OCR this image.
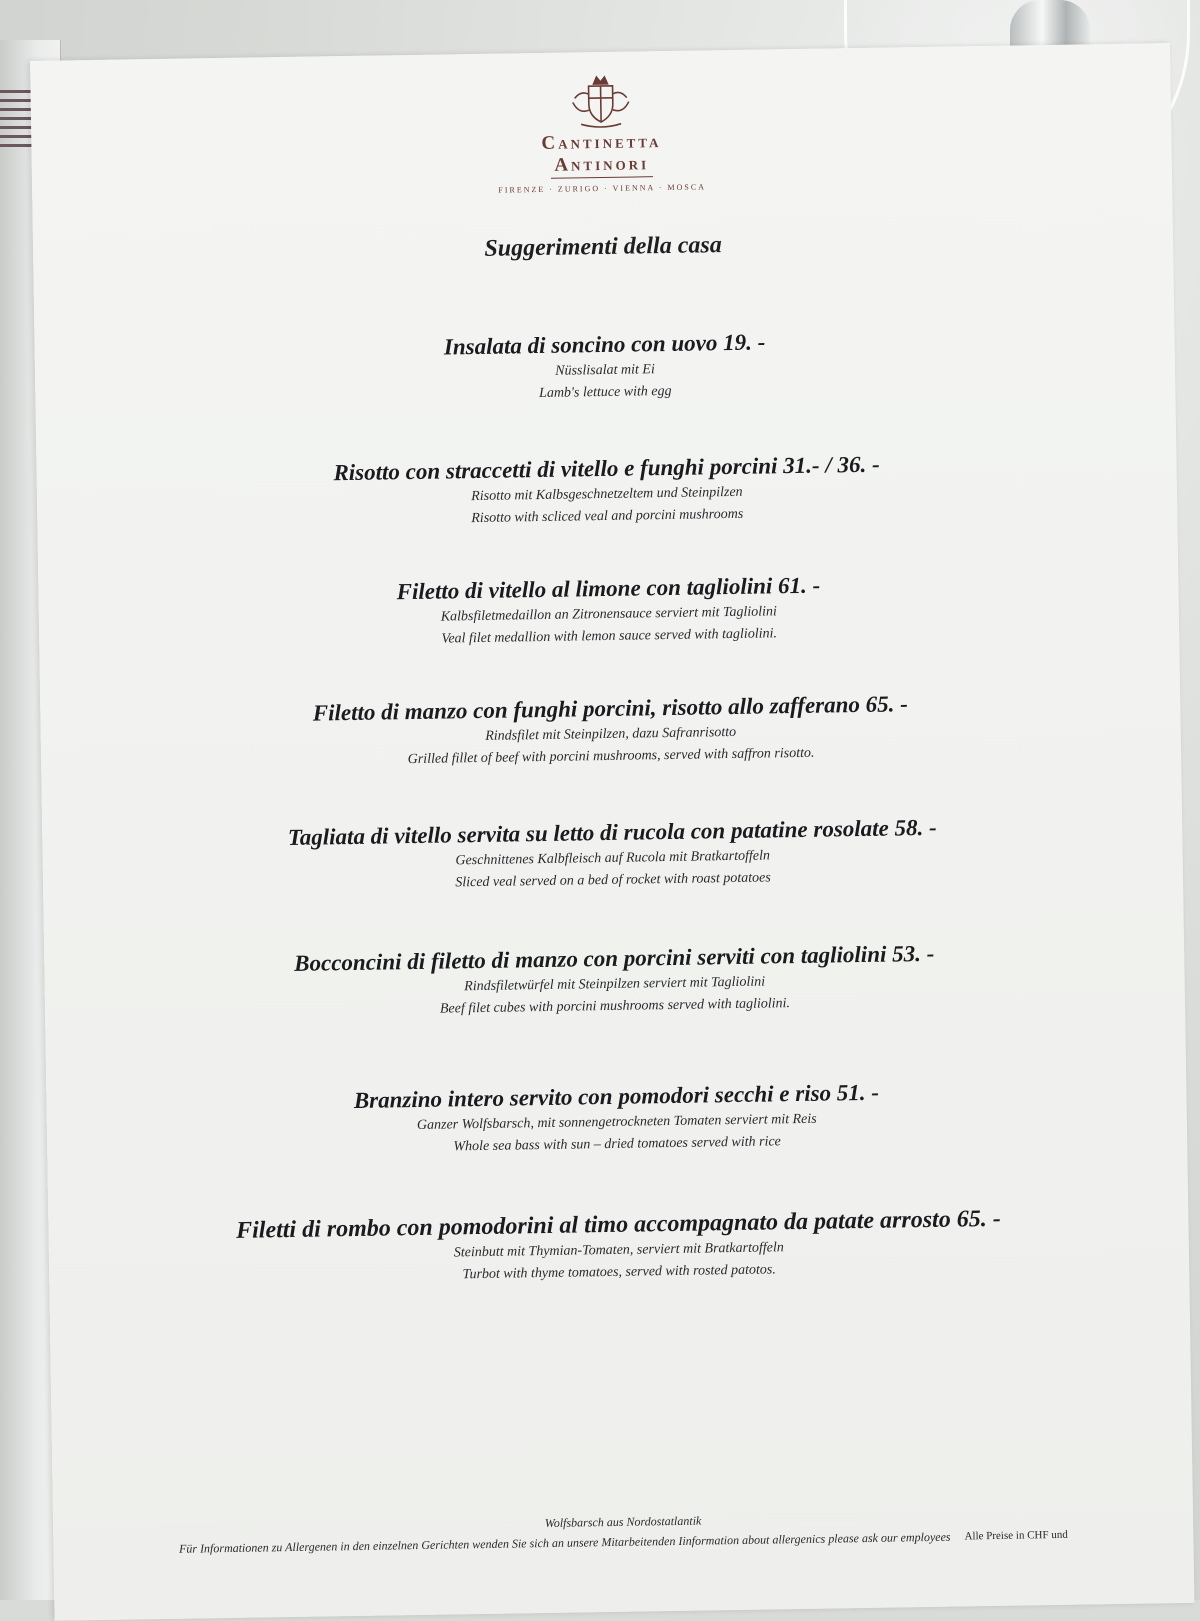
Cantinetta
Antinori
FIRENZE · ZURIGO · VIENNA · MOSCA
Suggerimenti della casa
Insalata di soncino con uovo 19. -
Nüsslisalat mit Ei
Lamb's lettuce with egg
Risotto con straccetti di vitello e funghi porcini 31.- / 36. -
Risotto mit Kalbsgeschnetzeltem und Steinpilzen
Risotto with scliced veal and porcini mushrooms
Filetto di vitello al limone con tagliolini 61. -
Kalbsfiletmedaillon an Zitronensauce serviert mit Tagliolini
Veal filet medallion with lemon sauce served with tagliolini.
Filetto di manzo con funghi porcini, risotto allo zafferano 65. -
Rindsfilet mit Steinpilzen, dazu Safranrisotto
Grilled fillet of beef with porcini mushrooms, served with saffron risotto.
Tagliata di vitello servita su letto di rucola con patatine rosolate 58. -
Geschnittenes Kalbfleisch auf Rucola mit Bratkartoffeln
Sliced veal served on a bed of rocket with roast potatoes
Bocconcini di filetto di manzo con porcini serviti con tagliolini 53. -
Rindsfiletwürfel mit Steinpilzen serviert mit Tagliolini
Beef filet cubes with porcini mushrooms served with tagliolini.
Branzino intero servito con pomodori secchi e riso 51. -
Ganzer Wolfsbarsch, mit sonnengetrockneten Tomaten serviert mit Reis
Whole sea bass with sun – dried tomatoes served with rice
Filetti di rombo con pomodorini al timo accompagnato da patate arrosto 65. -
Steinbutt mit Thymian-Tomaten, serviert mit Bratkartoffeln
Turbot with thyme tomatoes, served with rosted patotos.
Wolfsbarsch aus Nordostatlantik
Für Informationen zu Allergenen in den einzelnen Gerichten wenden Sie sich an unsere Mitarbeitenden Iinformation about allergenics please ask our employees Alle Preise in CHF und
